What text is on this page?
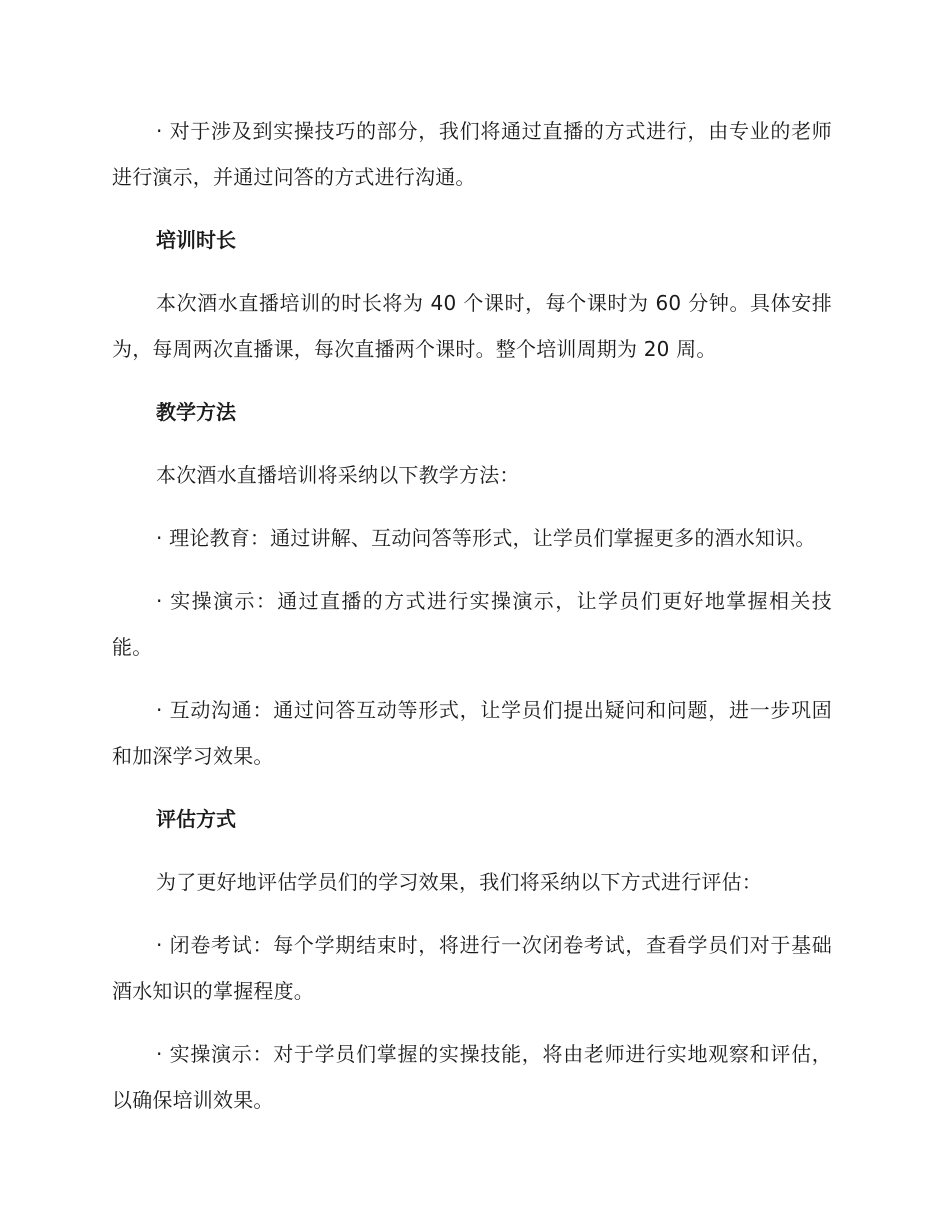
· 对于涉及到实操技巧的部分，我们将通过直播的方式进行，由专业的老师进行演示，并通过问答的方式进行沟通。

培训时长

本次酒水直播培训的时长将为 40 个课时，每个课时为 60 分钟。具体安排为，每周两次直播课，每次直播两个课时。整个培训周期为 20 周。

教学方法

本次酒水直播培训将采纳以下教学方法：

· 理论教育：通过讲解、互动问答等形式，让学员们掌握更多的酒水知识。

· 实操演示：通过直播的方式进行实操演示，让学员们更好地掌握相关技能。

· 互动沟通：通过问答互动等形式，让学员们提出疑问和问题，进一步巩固和加深学习效果。

评估方式

为了更好地评估学员们的学习效果，我们将采纳以下方式进行评估：

· 闭卷考试：每个学期结束时，将进行一次闭卷考试，查看学员们对于基础酒水知识的掌握程度。

· 实操演示：对于学员们掌握的实操技能，将由老师进行实地观察和评估，以确保培训效果。
